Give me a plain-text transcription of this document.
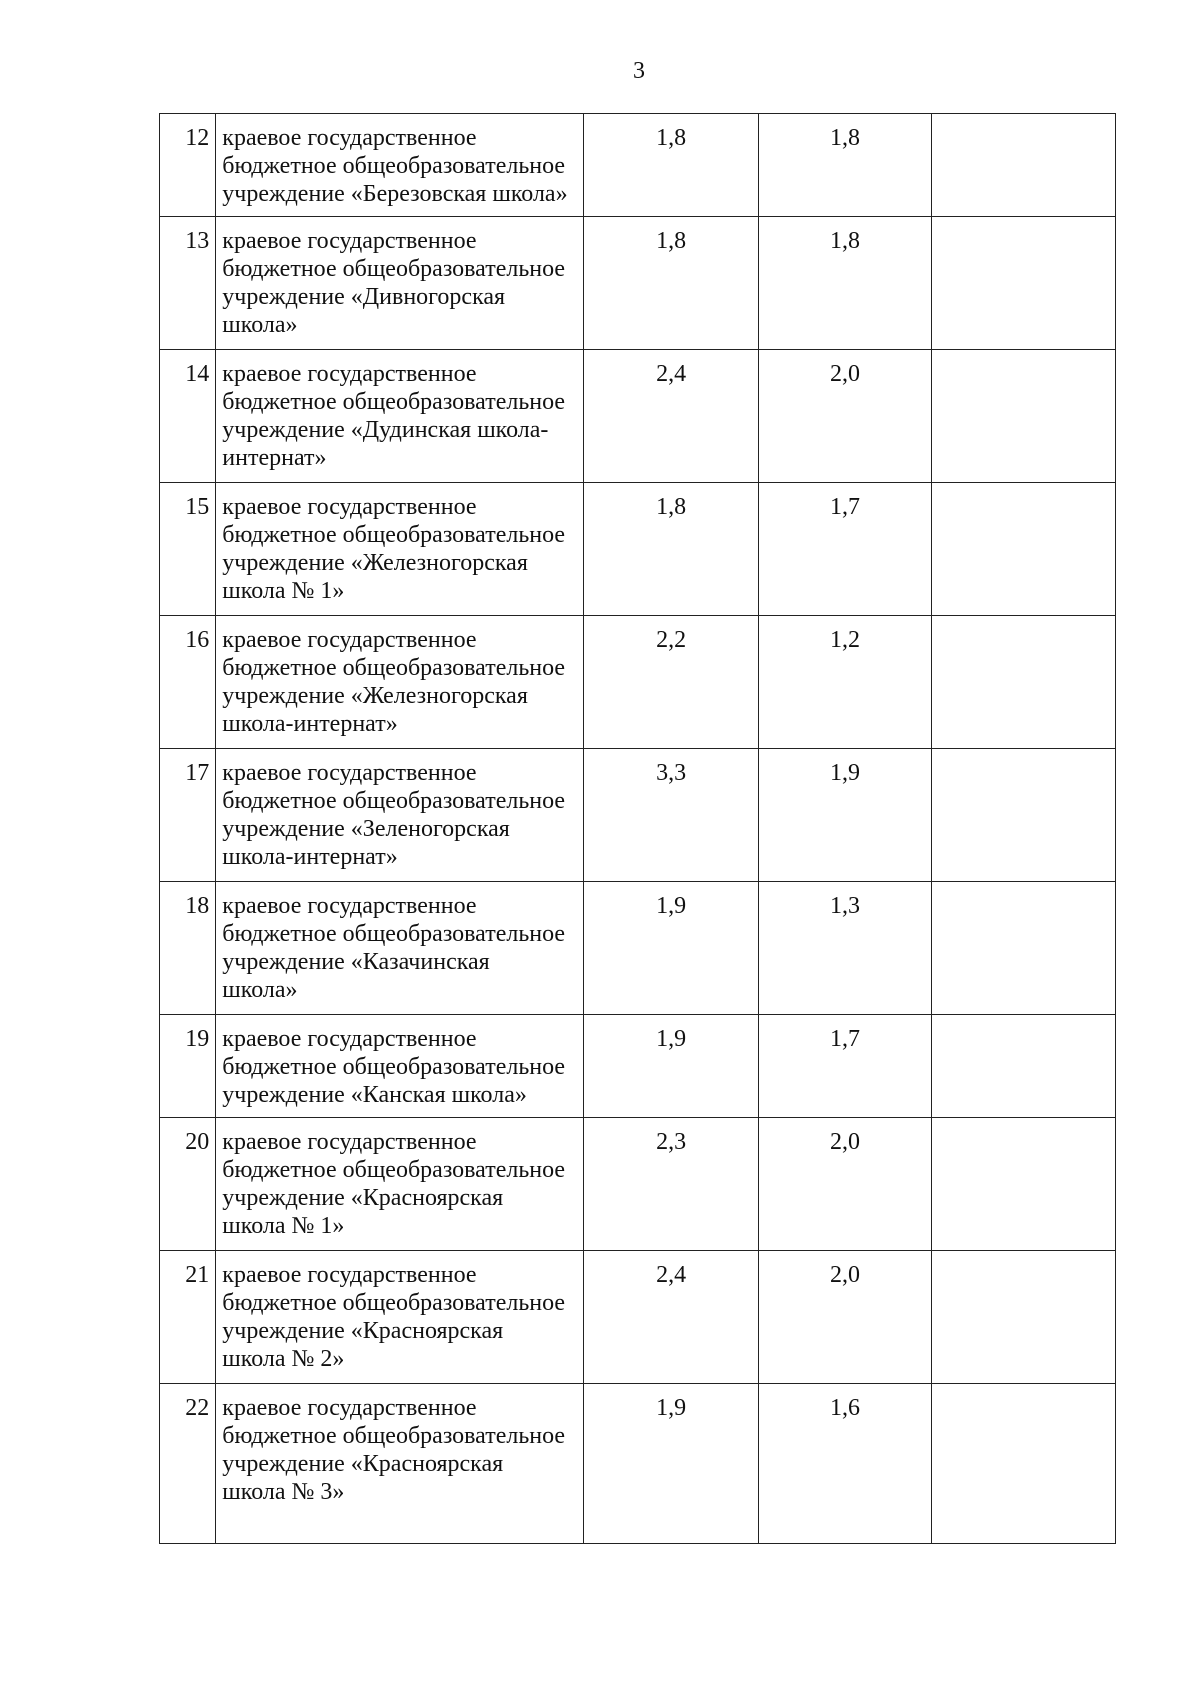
3
12	краевое государственное
бюджетное общеобразовательное
учреждение «Березовская школа»	1,8	1,8	
13	краевое государственное
бюджетное общеобразовательное
учреждение «Дивногорская
школа»	1,8	1,8	
14	краевое государственное
бюджетное общеобразовательное
учреждение «Дудинская школа-
интернат»	2,4	2,0	
15	краевое государственное
бюджетное общеобразовательное
учреждение «Железногорская
школа № 1»	1,8	1,7	
16	краевое государственное
бюджетное общеобразовательное
учреждение «Железногорская
школа-интернат»	2,2	1,2	
17	краевое государственное
бюджетное общеобразовательное
учреждение «Зеленогорская
школа-интернат»	3,3	1,9	
18	краевое государственное
бюджетное общеобразовательное
учреждение «Казачинская
школа»	1,9	1,3	
19	краевое государственное
бюджетное общеобразовательное
учреждение «Канская школа»	1,9	1,7	
20	краевое государственное
бюджетное общеобразовательное
учреждение «Красноярская
школа № 1»	2,3	2,0	
21	краевое государственное
бюджетное общеобразовательное
учреждение «Красноярская
школа № 2»	2,4	2,0	
22	краевое государственное
бюджетное общеобразовательное
учреждение «Красноярская
школа № 3»	1,9	1,6	
